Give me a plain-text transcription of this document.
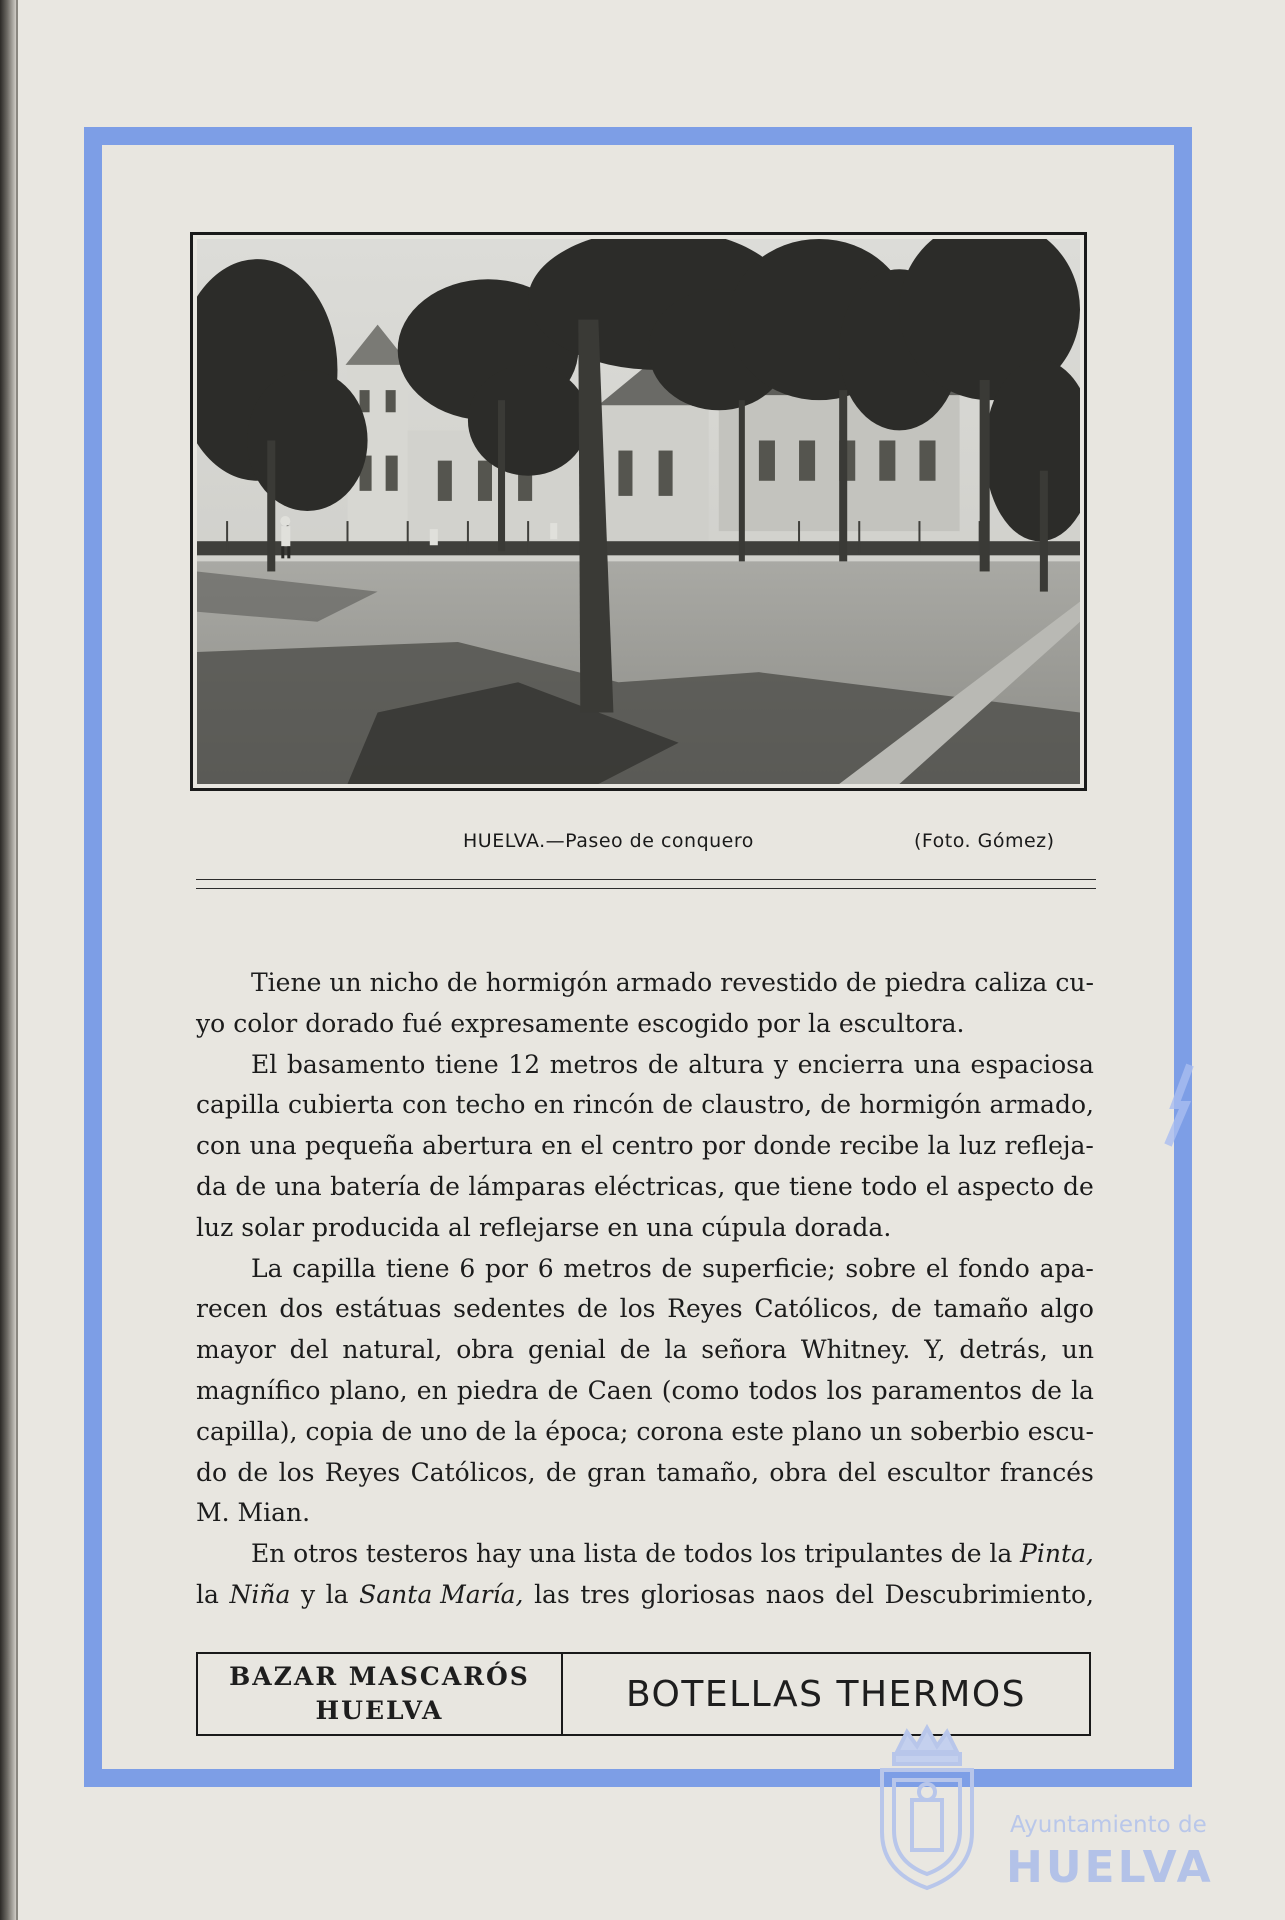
HUELVA.—Paseo de conquero	(Foto. Gómez)
Tiene un nicho de hormigón armado revestido de piedra caliza cu-
yo color dorado fué expresamente escogido por la escultora.
El basamento tiene 12 metros de altura y encierra una espaciosa
capilla cubierta con techo en rincón de claustro, de hormigón armado,
con una pequeña abertura en el centro por donde recibe la luz refleja-
da de una batería de lámparas eléctricas, que tiene todo el aspecto de
luz solar producida al reflejarse en una cúpula dorada.
La capilla tiene 6 por 6 metros de superficie; sobre el fondo apa-
recen dos estátuas sedentes de los Reyes Católicos, de tamaño algo
mayor del natural, obra genial de la señora Whitney. Y, detrás, un
magnífico plano, en piedra de Caen (como todos los paramentos de la
capilla), copia de uno de la época; corona este plano un soberbio escu-
do de los Reyes Católicos, de gran tamaño, obra del escultor francés
M. Mian.
En otros testeros hay una lista de todos los tripulantes de la Pinta,
la Niña y la Santa María, las tres gloriosas naos del Descubrimiento,
BAZAR MASCARÓS
HUELVA	BOTELLAS THERMOS
Ayuntamiento de
HUELVA
